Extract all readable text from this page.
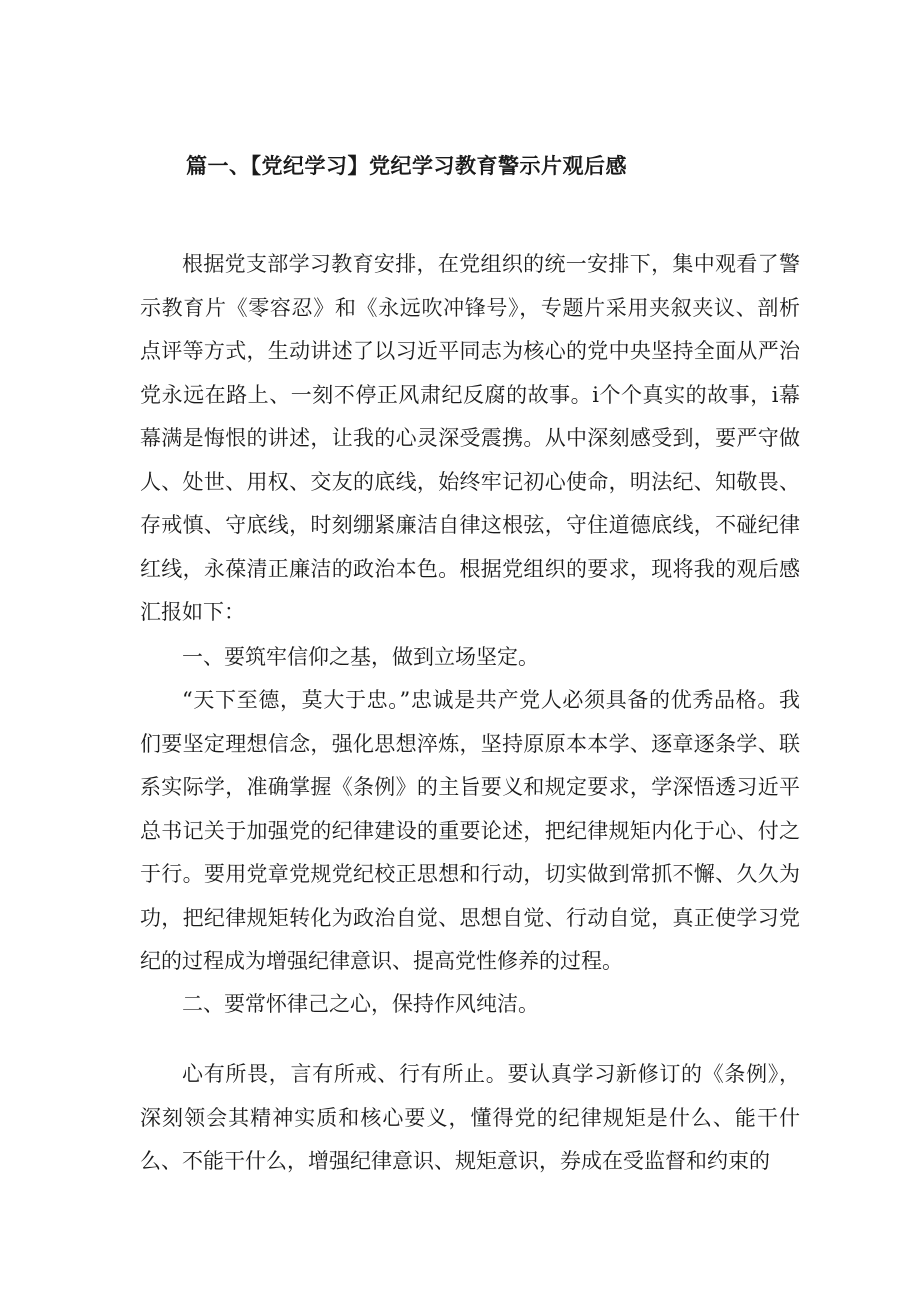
篇一、【党纪学习】党纪学习教育警示片观后感

根据党支部学习教育安排，在党组织的统一安排下，集中观看了警示教育片《零容忍》和《永远吹冲锋号》，专题片采用夹叙夹议、剖析点评等方式，生动讲述了以习近平同志为核心的党中央坚持全面从严治党永远在路上、一刻不停正风肃纪反腐的故事。i个个真实的故事，i幕幕满是悔恨的讲述，让我的心灵深受震携。从中深刻感受到，要严守做人、处世、用权、交友的底线，始终牢记初心使命，明法纪、知敬畏、存戒慎、守底线，时刻绷紧廉洁自律这根弦，守住道德底线，不碰纪律红线，永葆清正廉洁的政治本色。根据党组织的要求，现将我的观后感汇报如下：

一、要筑牢信仰之基，做到立场坚定。

“天下至德，莫大于忠。”忠诚是共产党人必须具备的优秀品格。我们要坚定理想信念，强化思想淬炼，坚持原原本本学、逐章逐条学、联系实际学，准确掌握《条例》的主旨要义和规定要求，学深悟透习近平总书记关于加强党的纪律建设的重要论述，把纪律规矩内化于心、付之于行。要用党章党规党纪校正思想和行动，切实做到常抓不懈、久久为功，把纪律规矩转化为政治自觉、思想自觉、行动自觉，真正使学习党纪的过程成为增强纪律意识、提高党性修养的过程。

二、要常怀律己之心，保持作风纯洁。

心有所畏，言有所戒、行有所止。要认真学习新修订的《条例》，深刻领会其精神实质和核心要义，懂得党的纪律规矩是什么、能干什么、不能干什么，增强纪律意识、规矩意识，券成在受监督和约束的
